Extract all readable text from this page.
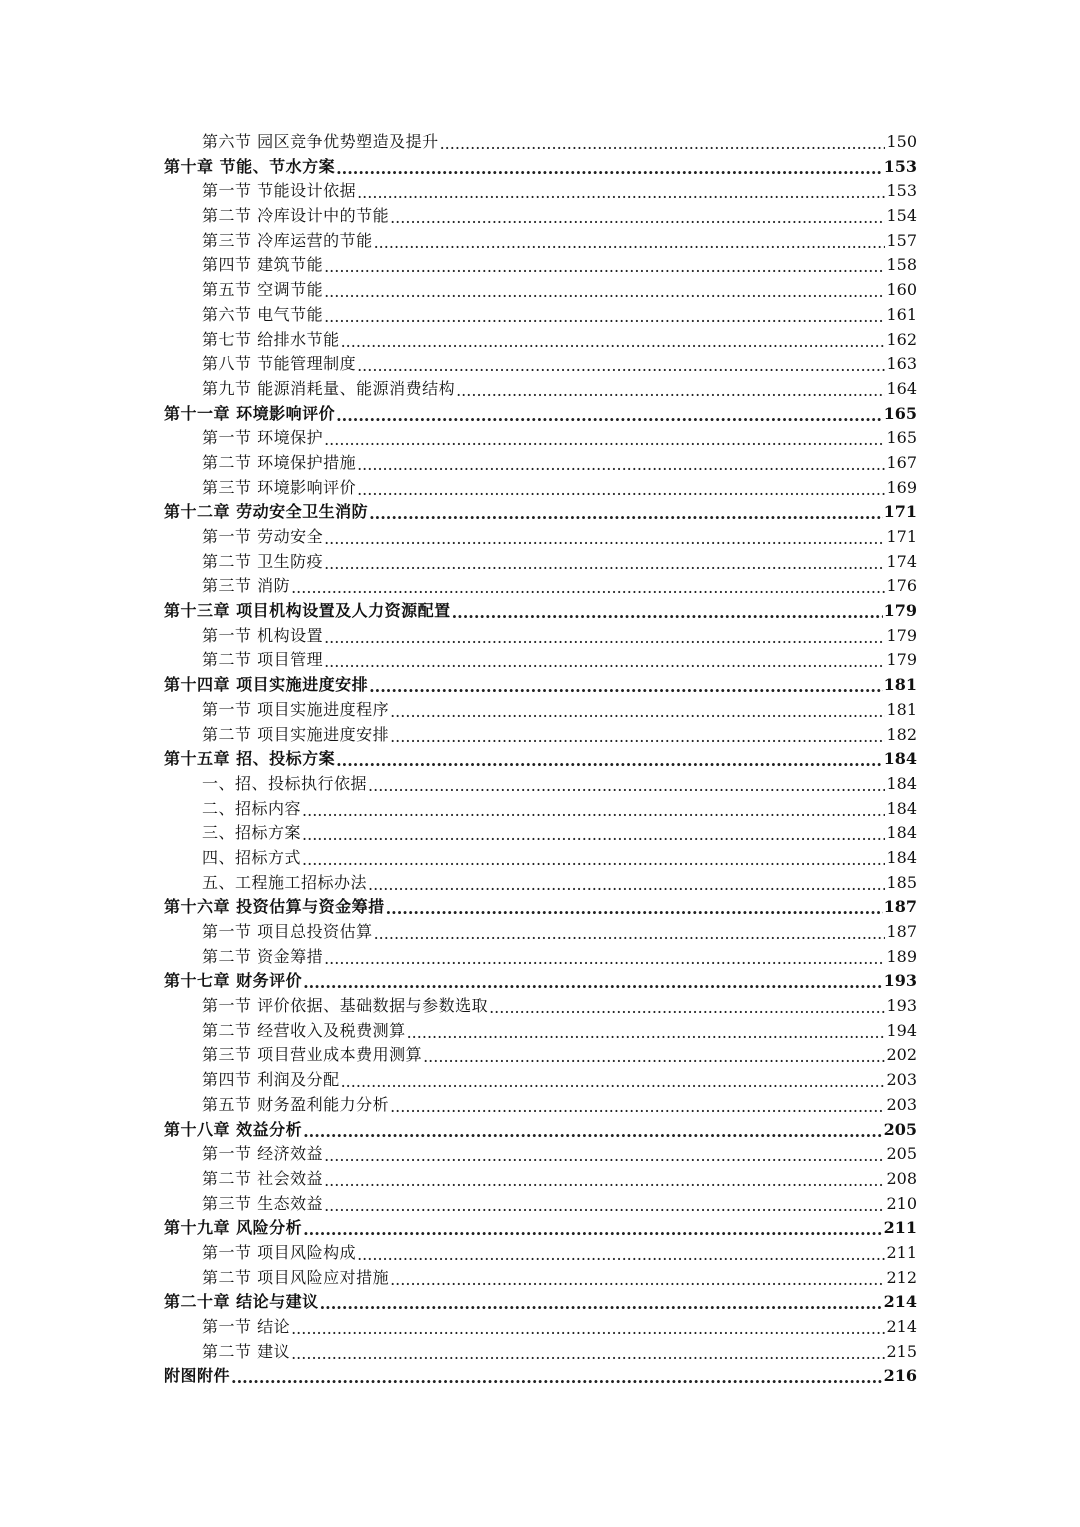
第六节 园区竞争优势塑造及提升 .....	150
第十章 节能、节水方案 .....	153
第一节 节能设计依据 .....	153
第二节 冷库设计中的节能 .....	154
第三节 冷库运营的节能 .....	157
第四节 建筑节能 .....	158
第五节 空调节能 .....	160
第六节 电气节能 .....	161
第七节 给排水节能 .....	162
第八节 节能管理制度 .....	163
第九节 能源消耗量、能源消费结构 .....	164
第十一章 环境影响评价 .....	165
第一节 环境保护 .....	165
第二节 环境保护措施 .....	167
第三节 环境影响评价 .....	169
第十二章 劳动安全卫生消防 .....	171
第一节 劳动安全 .....	171
第二节 卫生防疫 .....	174
第三节 消防 .....	176
第十三章 项目机构设置及人力资源配置 .....	179
第一节 机构设置 .....	179
第二节 项目管理 .....	179
第十四章 项目实施进度安排 .....	181
第一节 项目实施进度程序 .....	181
第二节 项目实施进度安排 .....	182
第十五章 招、投标方案 .....	184
一、招、投标执行依据 .....	184
二、招标内容 .....	184
三、招标方案 .....	184
四、招标方式 .....	184
五、工程施工招标办法 .....	185
第十六章 投资估算与资金筹措 .....	187
第一节 项目总投资估算 .....	187
第二节 资金筹措 .....	189
第十七章 财务评价 .....	193
第一节 评价依据、基础数据与参数选取 .....	193
第二节 经营收入及税费测算 .....	194
第三节 项目营业成本费用测算 .....	202
第四节 利润及分配 .....	203
第五节 财务盈利能力分析 .....	203
第十八章 效益分析 .....	205
第一节 经济效益 .....	205
第二节 社会效益 .....	208
第三节 生态效益 .....	210
第十九章 风险分析 .....	211
第一节 项目风险构成 .....	211
第二节 项目风险应对措施 .....	212
第二十章 结论与建议 .....	214
第一节 结论 .....	214
第二节 建议 .....	215
附图附件 .....	216
